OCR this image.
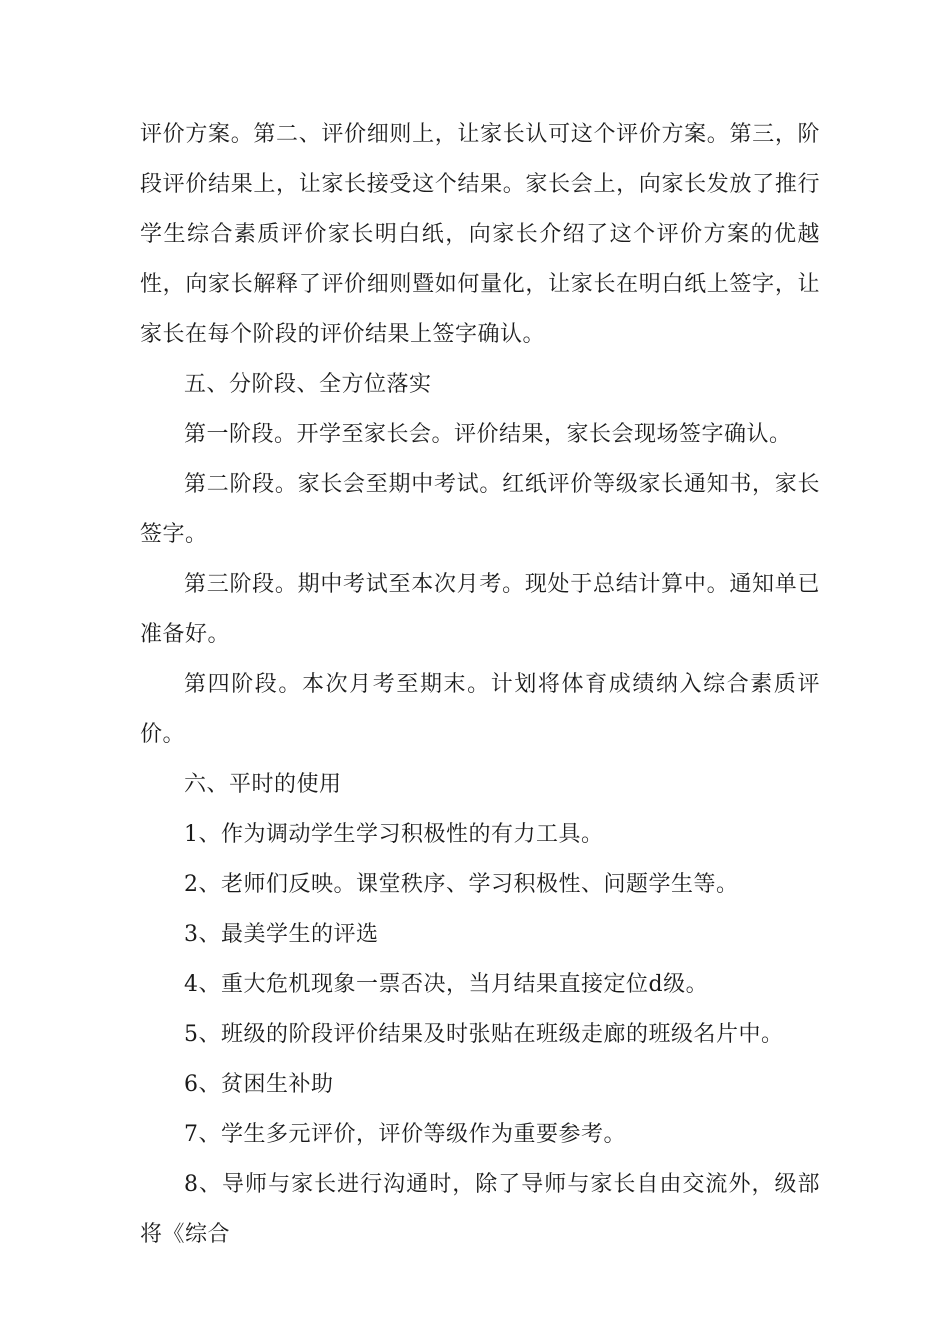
评价方案。第二、评价细则上，让家长认可这个评价方案。第三，阶段评价结果上，让家长接受这个结果。家长会上，向家长发放了推行学生综合素质评价家长明白纸，向家长介绍了这个评价方案的优越性，向家长解释了评价细则暨如何量化，让家长在明白纸上签字，让家长在每个阶段的评价结果上签字确认。

五、分阶段、全方位落实

第一阶段。开学至家长会。评价结果，家长会现场签字确认。

第二阶段。家长会至期中考试。红纸评价等级家长通知书，家长签字。

第三阶段。期中考试至本次月考。现处于总结计算中。通知单已准备好。

第四阶段。本次月考至期末。计划将体育成绩纳入综合素质评价。

六、平时的使用

1、作为调动学生学习积极性的有力工具。

2、老师们反映。课堂秩序、学习积极性、问题学生等。

3、最美学生的评选

4、重大危机现象一票否决，当月结果直接定位d级。

5、班级的阶段评价结果及时张贴在班级走廊的班级名片中。

6、贫困生补助

7、学生多元评价，评价等级作为重要参考。

8、导师与家长进行沟通时，除了导师与家长自由交流外，级部将《综合
